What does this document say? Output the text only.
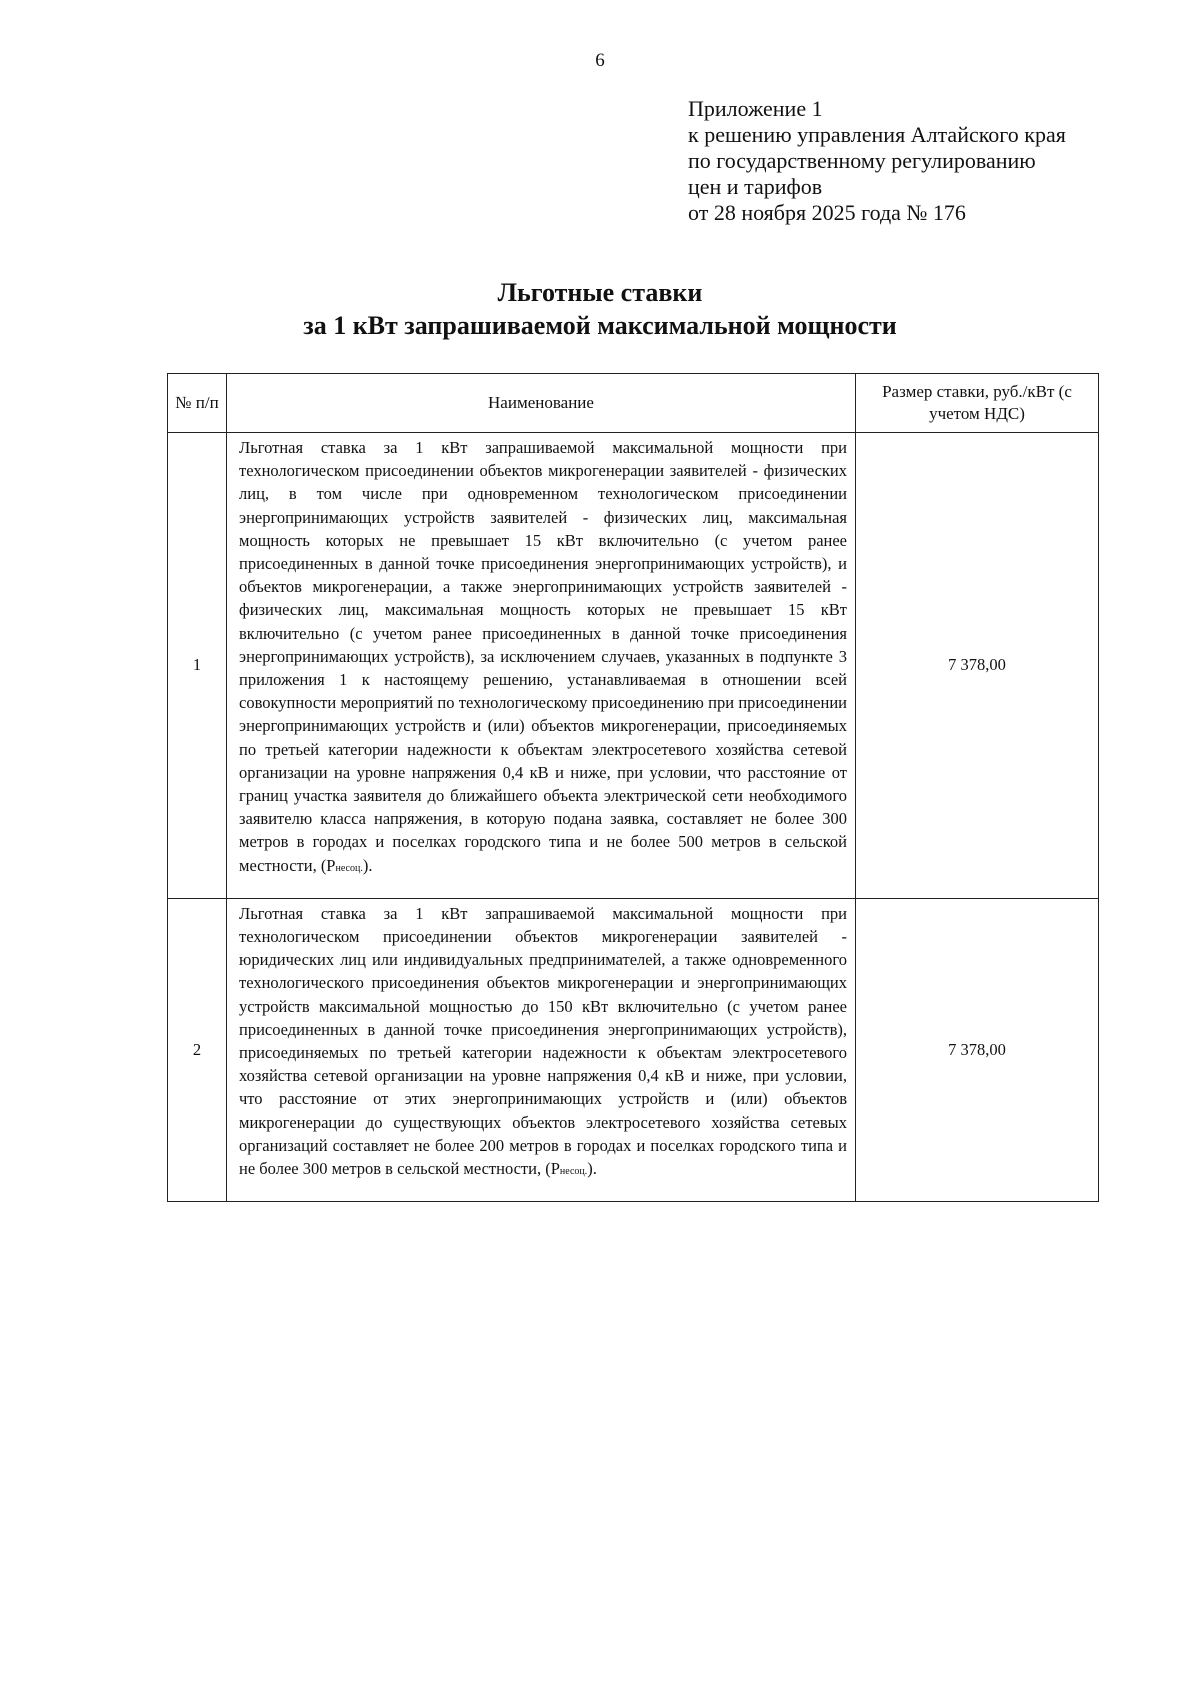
6
Приложение 1
к решению управления Алтайского края
по государственному регулированию
цен и тарифов
от 28 ноября 2025 года № 176
Льготные ставки
за 1 кВт запрашиваемой максимальной мощности
№ п/п	Наименование	Размер ставки, руб./кВт (с учетом НДС)
1	Льготная ставка за 1 кВт запрашиваемой максимальной мощности при технологическом присоединении объектов микрогенерации заявителей - физических лиц, в том числе при одновременном технологическом присоединении энергопринимающих устройств заявителей - физических лиц, максимальная мощность которых не превышает 15 кВт включительно (с учетом ранее присоединенных в данной точке присоединения энергопринимающих устройств), и объектов микрогенерации, а также энергопринимающих устройств заявителей - физических лиц, максимальная мощность которых не превышает 15 кВт включительно (с учетом ранее присоединенных в данной точке присоединения энергопринимающих устройств), за исключением случаев, указанных в подпункте 3 приложения 1 к настоящему решению, устанавливаемая в отношении всей совокупности мероприятий по технологическому присоединению при присоединении энергопринимающих устройств и (или) объектов микрогенерации, присоединяемых по третьей категории надежности к объектам электросетевого хозяйства сетевой организации на уровне напряжения 0,4 кВ и ниже, при условии, что расстояние от границ участка заявителя до ближайшего объекта электрической сети необходимого заявителю класса напряжения, в которую подана заявка, составляет не более 300 метров в городах и поселках городского типа и не более 500 метров в сельской местности, (Pнесоц.).	7 378,00
2	Льготная ставка за 1 кВт запрашиваемой максимальной мощности при технологическом присоединении объектов микрогенерации заявителей - юридических лиц или индивидуальных предпринимателей, а также одновременного технологического присоединения объектов микрогенерации и энергопринимающих устройств максимальной мощностью до 150 кВт включительно (с учетом ранее присоединенных в данной точке присоединения энергопринимающих устройств), присоединяемых по третьей категории надежности к объектам электросетевого хозяйства сетевой организации на уровне напряжения 0,4 кВ и ниже, при условии, что расстояние от этих энергопринимающих устройств и (или) объектов микрогенерации до существующих объектов электросетевого хозяйства сетевых организаций составляет не более 200 метров в городах и поселках городского типа и не более 300 метров в сельской местности, (Pнесоц.).	7 378,00
